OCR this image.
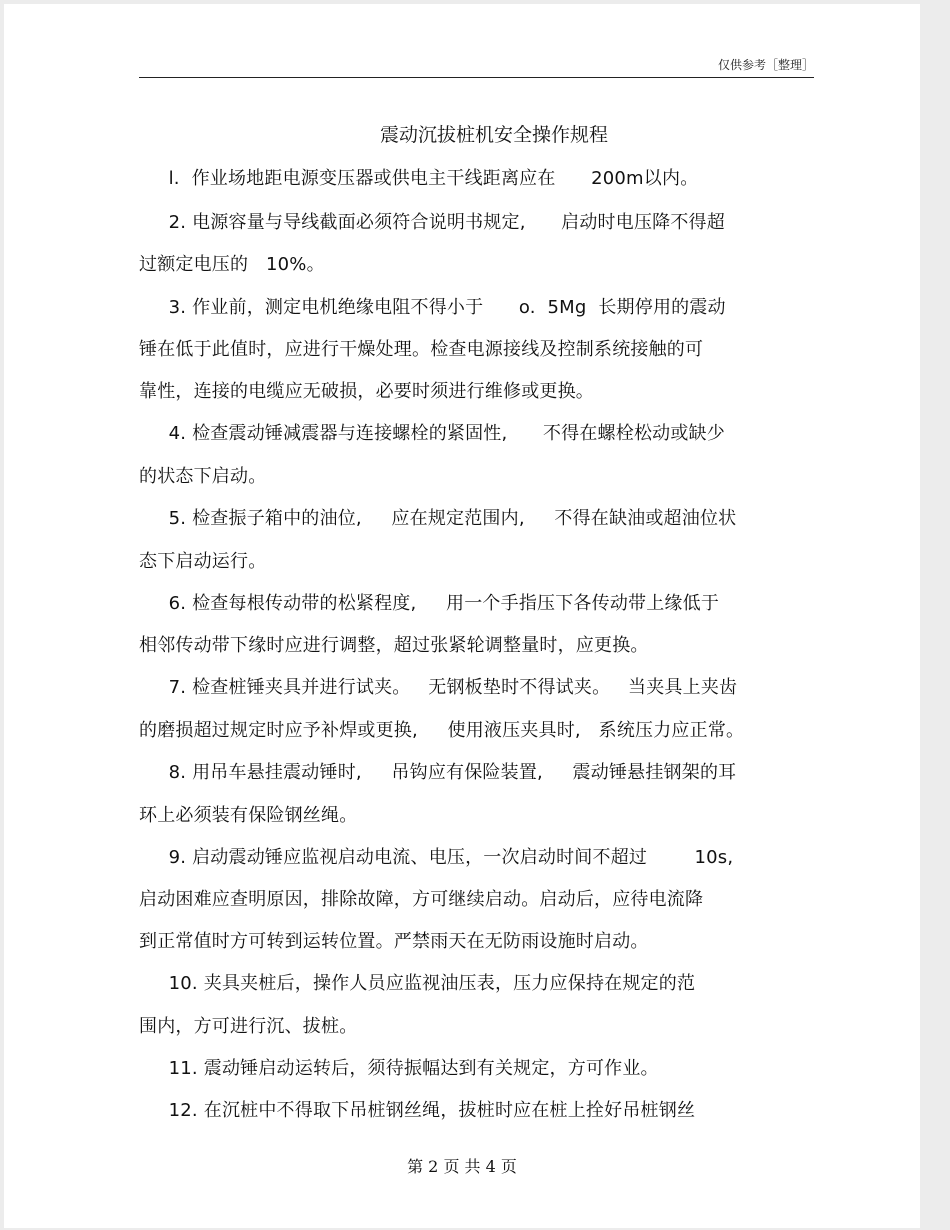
仅供参考［整理］
震动沉拔桩机安全操作规程
l.  作业场地距电源变压器或供电主干线距离应在      200m以内。
2. 电源容量与导线截面必须符合说明书规定,      启动时电压降不得超
过额定电压的   10%。
3. 作业前，测定电机绝缘电阻不得小于      o.  5Mg  长期停用的震动
锤在低于此值时，应进行干燥处理。检查电源接线及控制系统接触的可
靠性，连接的电缆应无破损，必要时须进行维修或更换。
4. 检查震动锤减震器与连接螺栓的紧固性,      不得在螺栓松动或缺少
的状态下启动。
5. 检查振子箱中的油位,     应在规定范围内,     不得在缺油或超油位状
态下启动运行。
6. 检查每根传动带的松紧程度,     用一个手指压下各传动带上缘低于
相邻传动带下缘时应进行调整，超过张紧轮调整量时，应更换。
7. 检查桩锤夹具并进行试夹。   无钢板垫时不得试夹。   当夹具上夹齿
的磨损超过规定时应予补焊或更换,     使用液压夹具时,   系统压力应正常。
8. 用吊车悬挂震动锤时,     吊钩应有保险装置,     震动锤悬挂钢架的耳
环上必须装有保险钢丝绳。
9. 启动震动锤应监视启动电流、电压，一次启动时间不超过        10s,
启动困难应查明原因，排除故障，方可继续启动。启动后，应待电流降
到正常值时方可转到运转位置。严禁雨天在无防雨设施时启动。
10. 夹具夹桩后，操作人员应监视油压表，压力应保持在规定的范
围内，方可进行沉、拔桩。
11. 震动锤启动运转后，须待振幅达到有关规定，方可作业。
12. 在沉桩中不得取下吊桩钢丝绳，拔桩时应在桩上拴好吊桩钢丝
第 2 页 共 4 页
